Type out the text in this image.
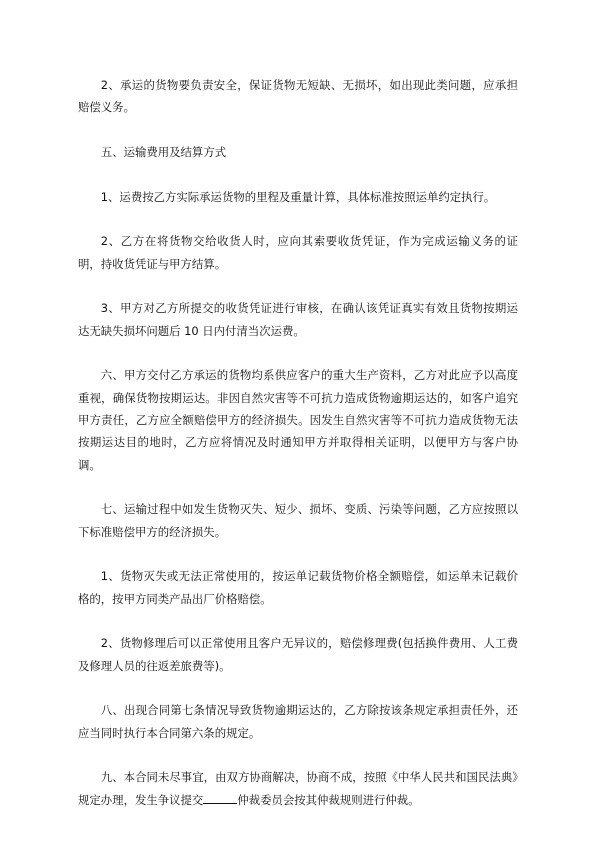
2、承运的货物要负责安全，保证货物无短缺、无损坏，如出现此类问题，应承担赔偿义务。

五、运输费用及结算方式

1、运费按乙方实际承运货物的里程及重量计算，具体标准按照运单约定执行。

2、乙方在将货物交给收货人时，应向其索要收货凭证，作为完成运输义务的证明，持收货凭证与甲方结算。

3、甲方对乙方所提交的收货凭证进行审核，在确认该凭证真实有效且货物按期运达无缺失损坏问题后 10 日内付清当次运费。

六、甲方交付乙方承运的货物均系供应客户的重大生产资料，乙方对此应予以高度重视，确保货物按期运达。非因自然灾害等不可抗力造成货物逾期运达的，如客户追究甲方责任，乙方应全额赔偿甲方的经济损失。因发生自然灾害等不可抗力造成货物无法按期运达目的地时，乙方应将情况及时通知甲方并取得相关证明，以便甲方与客户协调。

七、运输过程中如发生货物灭失、短少、损坏、变质、污染等问题，乙方应按照以下标准赔偿甲方的经济损失。

1、货物灭失或无法正常使用的，按运单记载货物价格全额赔偿，如运单未记载价格的，按甲方同类产品出厂价格赔偿。

2、货物修理后可以正常使用且客户无异议的，赔偿修理费(包括换件费用、人工费及修理人员的往返差旅费等)。

八、出现合同第七条情况导致货物逾期运达的，乙方除按该条规定承担责任外，还应当同时执行本合同第六条的规定。

九、本合同未尽事宜，由双方协商解决，协商不成，按照《中华人民共和国民法典》规定办理，发生争议提交	仲裁委员会按其仲裁规则进行仲裁。
